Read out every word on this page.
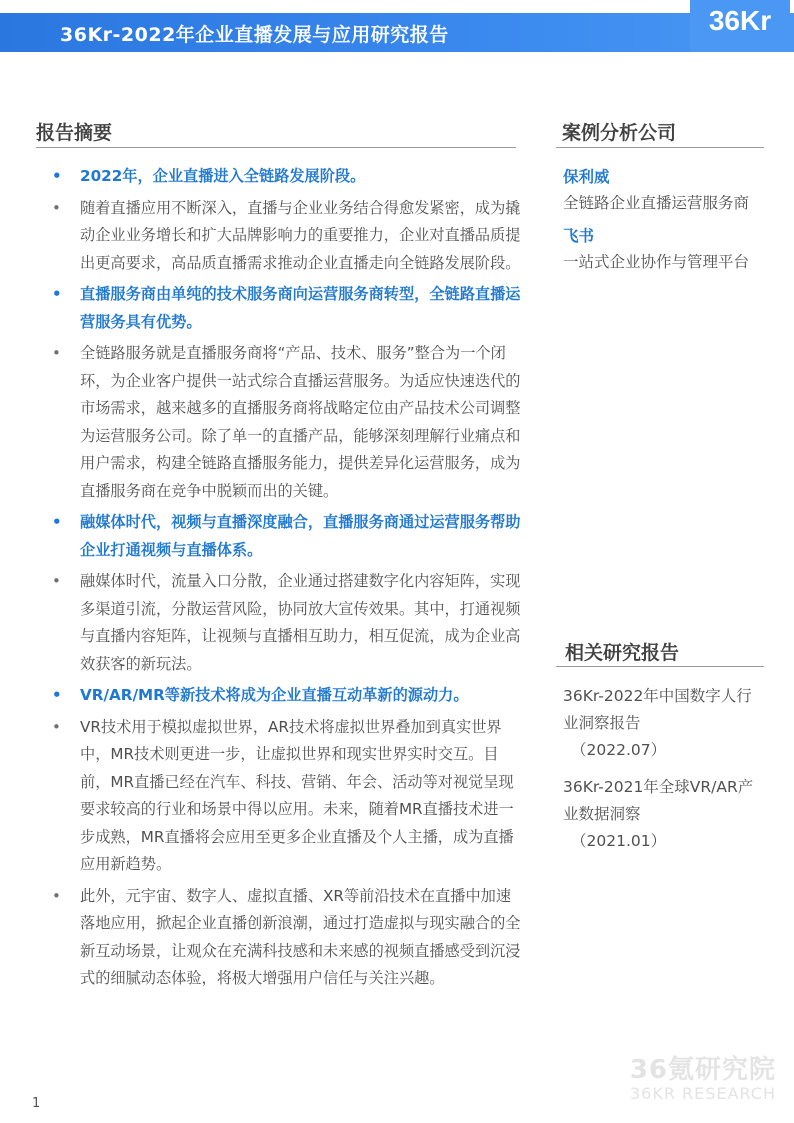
36Kr-2022年企业直播发展与应用研究报告	36Kr
报告摘要
• 2022年，企业直播进入全链路发展阶段。
• 随着直播应用不断深入，直播与企业业务结合得愈发紧密，成为撬动企业业务增长和扩大品牌影响力的重要推力，企业对直播品质提出更高要求，高品质直播需求推动企业直播走向全链路发展阶段。
• 直播服务商由单纯的技术服务商向运营服务商转型，全链路直播运营服务具有优势。
• 全链路服务就是直播服务商将“产品、技术、服务”整合为一个闭环，为企业客户提供一站式综合直播运营服务。为适应快速迭代的市场需求，越来越多的直播服务商将战略定位由产品技术公司调整为运营服务公司。除了单一的直播产品，能够深刻理解行业痛点和用户需求，构建全链路直播服务能力，提供差异化运营服务，成为直播服务商在竞争中脱颖而出的关键。
• 融媒体时代，视频与直播深度融合，直播服务商通过运营服务帮助企业打通视频与直播体系。
• 融媒体时代，流量入口分散，企业通过搭建数字化内容矩阵，实现多渠道引流，分散运营风险，协同放大宣传效果。其中，打通视频与直播内容矩阵，让视频与直播相互助力，相互促流，成为企业高效获客的新玩法。
• VR/AR/MR等新技术将成为企业直播互动革新的源动力。
• VR技术用于模拟虚拟世界，AR技术将虚拟世界叠加到真实世界中，MR技术则更进一步，让虚拟世界和现实世界实时交互。目前，MR直播已经在汽车、科技、营销、年会、活动等对视觉呈现要求较高的行业和场景中得以应用。未来，随着MR直播技术进一步成熟，MR直播将会应用至更多企业直播及个人主播，成为直播应用新趋势。
• 此外，元宇宙、数字人、虚拟直播、XR等前沿技术在直播中加速落地应用，掀起企业直播创新浪潮，通过打造虚拟与现实融合的全新互动场景，让观众在充满科技感和未来感的视频直播感受到沉浸式的细腻动态体验，将极大增强用户信任与关注兴趣。
案例分析公司
保利威
全链路企业直播运营服务商
飞书
一站式企业协作与管理平台
相关研究报告
36Kr-2022年中国数字人行业洞察报告
（2022.07）
36Kr-2021年全球VR/AR产业数据洞察
（2021.01）
36氪研究院
36KR RESEARCH
1
